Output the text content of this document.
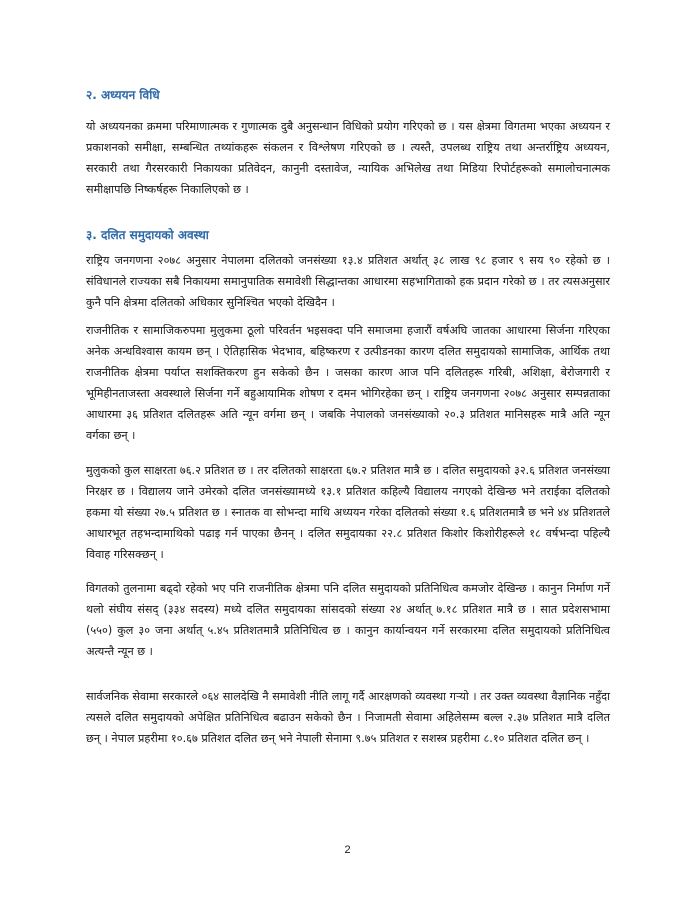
२. अध्ययन विधि

यो अध्ययनका क्रममा परिमाणात्मक र गुणात्मक दुबै अनुसन्धान विधिको प्रयोग गरिएको छ । यस क्षेत्रमा विगतमा भएका अध्ययन र प्रकाशनको समीक्षा, सम्बन्धित तथ्यांकहरू संकलन र विश्लेषण गरिएको छ । त्यस्तै, उपलब्ध राष्ट्रिय तथा अन्तर्राष्ट्रिय अध्ययन, सरकारी तथा गैरसरकारी निकायका प्रतिवेदन, कानुनी दस्तावेज, न्यायिक अभिलेख तथा मिडिया रिपोर्टहरूको समालोचनात्मक समीक्षापछि निष्कर्षहरू निकालिएको छ ।

३. दलित समुदायको अवस्था

राष्ट्रिय जनगणना २०७८ अनुसार नेपालमा दलितको जनसंख्या १३.४ प्रतिशत अर्थात् ३८ लाख ९८ हजार ९ सय ९० रहेको छ । संविधानले राज्यका सबै निकायमा समानुपातिक समावेशी सिद्धान्तका आधारमा सहभागिताको हक प्रदान गरेको छ । तर त्यसअनुसार कुनै पनि क्षेत्रमा दलितको अधिकार सुनिश्चित भएको देखिदैन ।

राजनीतिक र सामाजिकरुपमा मुलुकमा ठूलो परिवर्तन भइसक्दा पनि समाजमा हजारौं वर्षअघि जातका आधारमा सिर्जना गरिएका अनेक अन्धविश्वास कायम छन् । ऐतिहासिक भेदभाव, बहिष्करण र उत्पीडनका कारण दलित समुदायको सामाजिक, आर्थिक तथा राजनीतिक क्षेत्रमा पर्याप्त सशक्तिकरण हुन सकेको छैन । जसका कारण आज पनि दलितहरू गरिबी, अशिक्षा, बेरोजगारी र भूमिहीनताजस्ता अवस्थाले सिर्जना गर्ने बहुआयामिक शोषण र दमन भोगिरहेका छन् । राष्ट्रिय जनगणना २०७८ अनुसार सम्पन्नताका आधारमा ३६ प्रतिशत दलितहरू अति न्यून वर्गमा छन् । जबकि नेपालको जनसंख्याको २०.३ प्रतिशत मानिसहरू मात्रै अति न्यून वर्गका छन् ।

मुलुकको कुल साक्षरता ७६.२ प्रतिशत छ । तर दलितको साक्षरता ६७.२ प्रतिशत मात्रै छ । दलित समुदायको ३२.६ प्रतिशत जनसंख्या निरक्षर छ । विद्यालय जाने उमेरको दलित जनसंख्यामध्ये १३.१ प्रतिशत कहिल्यै विद्यालय नगएको देखिन्छ भने तराईका दलितको हकमा यो संख्या २७.५ प्रतिशत छ । स्नातक वा सोभन्दा माथि अध्ययन गरेका दलितको संख्या १.६ प्रतिशतमात्रै छ भने ४४ प्रतिशतले आधारभूत तहभन्दामाथिको पढाइ गर्न पाएका छैनन् । दलित समुदायका २२.८ प्रतिशत किशोर किशोरीहरूले १८ वर्षभन्दा पहिल्यै विवाह गरिसक्छन् ।

विगतको तुलनामा बढ्दो रहेको भए पनि राजनीतिक क्षेत्रमा पनि दलित समुदायको प्रतिनिधित्व कमजोर देखिन्छ । कानुन निर्माण गर्ने थलो संघीय संसद् (३३४ सदस्य) मध्ये दलित समुदायका सांसदको संख्या २४ अर्थात् ७.१८ प्रतिशत मात्रै छ । सात प्रदेशसभामा (५५०) कुल ३० जना अर्थात् ५.४५ प्रतिशतमात्रै प्रतिनिधित्व छ । कानुन कार्यान्वयन गर्ने सरकारमा दलित समुदायको प्रतिनिधित्व अत्यन्तै न्यून छ ।

सार्वजनिक सेवामा सरकारले ०६४ सालदेखि नै समावेशी नीति लागू गर्दै आरक्षणको व्यवस्था गऱ्यो । तर उक्त व्यवस्था वैज्ञानिक नहुँदा त्यसले दलित समुदायको अपेक्षित प्रतिनिधित्व बढाउन सकेको छैन । निजामती सेवामा अहिलेसम्म बल्ल २.३७ प्रतिशत मात्रै दलित छन् । नेपाल प्रहरीमा १०.६७ प्रतिशत दलित छन् भने नेपाली सेनामा ९.७५ प्रतिशत र सशस्त्र प्रहरीमा ८.१० प्रतिशत दलित छन् ।

2
